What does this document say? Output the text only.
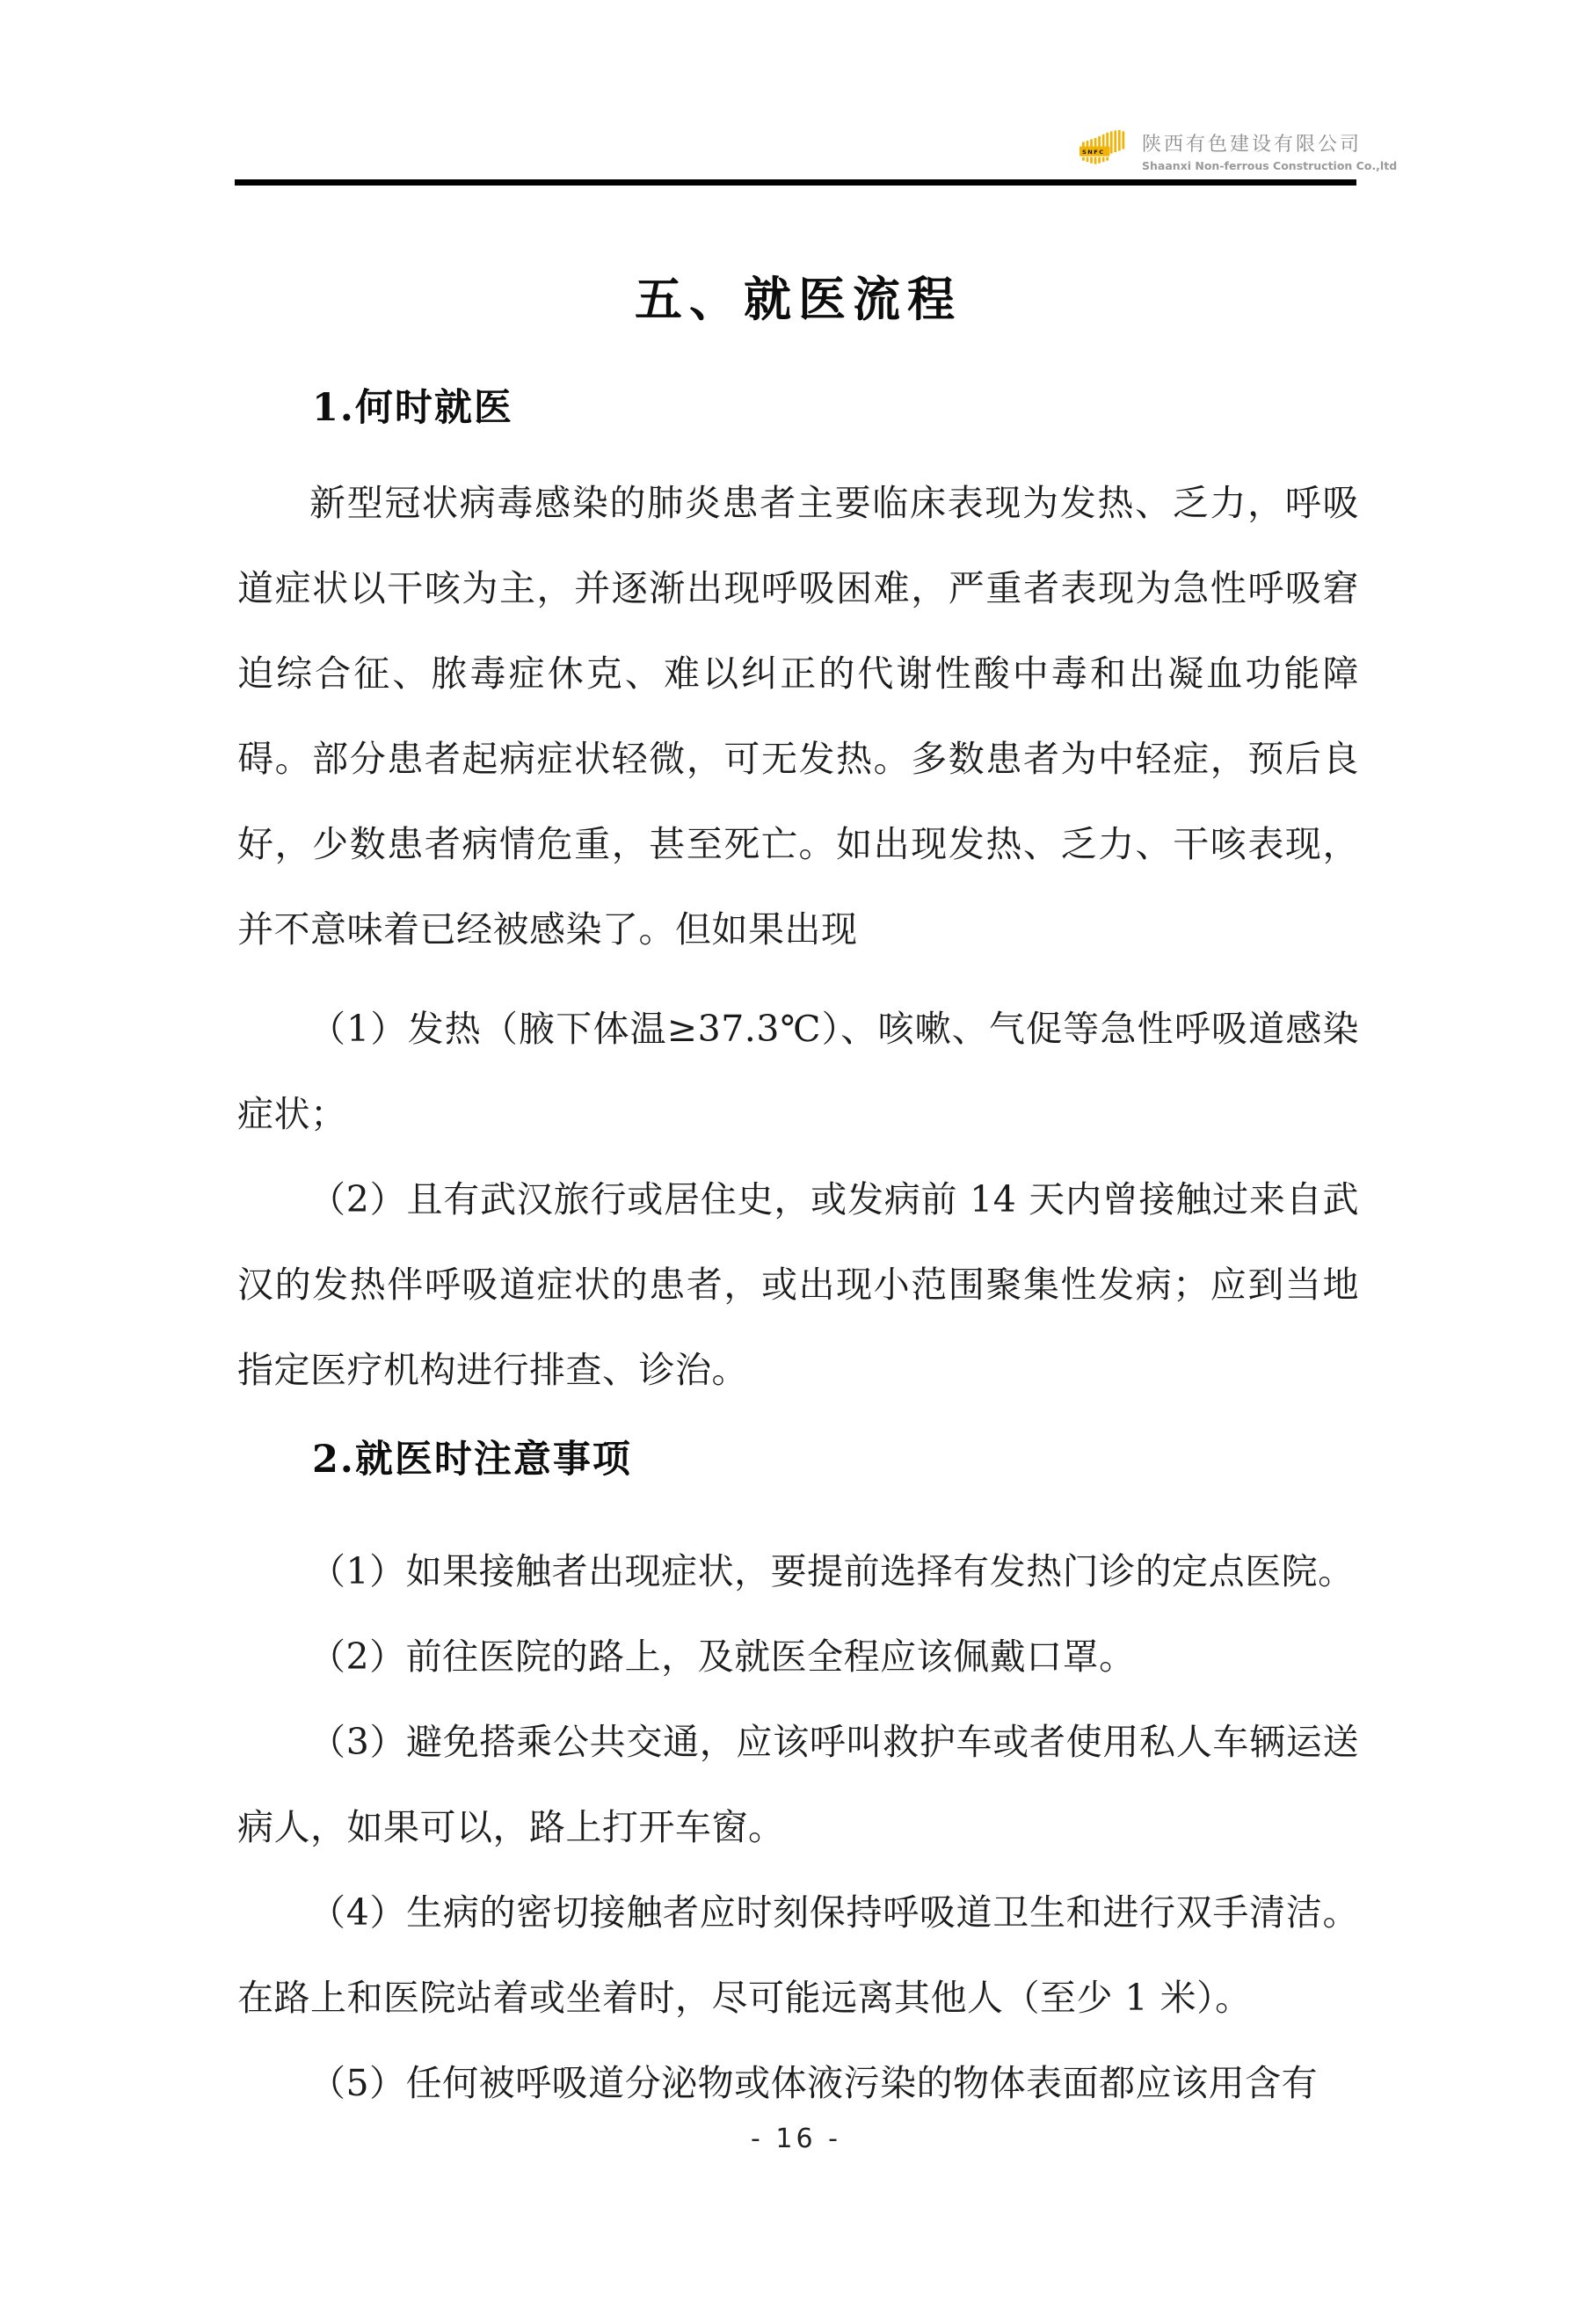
SNFC 陕西有色建设有限公司
Shaanxi Non-ferrous Construction Co.,ltd
五、就医流程
1.何时就医

新型冠状病毒感染的肺炎患者主要临床表现为发热、乏力，呼吸道症状以干咳为主，并逐渐出现呼吸困难，严重者表现为急性呼吸窘迫综合征、脓毒症休克、难以纠正的代谢性酸中毒和出凝血功能障碍。部分患者起病症状轻微，可无发热。多数患者为中轻症，预后良好，少数患者病情危重，甚至死亡。如出现发热、乏力、干咳表现，并不意味着已经被感染了。但如果出现

（1）发热（腋下体温≥37.3℃）、咳嗽、气促等急性呼吸道感染症状；

（2）且有武汉旅行或居住史，或发病前 14 天内曾接触过来自武汉的发热伴呼吸道症状的患者，或出现小范围聚集性发病；应到当地指定医疗机构进行排查、诊治。

2.就医时注意事项

（1）如果接触者出现症状，要提前选择有发热门诊的定点医院。

（2）前往医院的路上，及就医全程应该佩戴口罩。

（3）避免搭乘公共交通，应该呼叫救护车或者使用私人车辆运送病人，如果可以，路上打开车窗。

（4）生病的密切接触者应时刻保持呼吸道卫生和进行双手清洁。在路上和医院站着或坐着时，尽可能远离其他人（至少 1 米）。

（5）任何被呼吸道分泌物或体液污染的物体表面都应该用含有

- 16 -
